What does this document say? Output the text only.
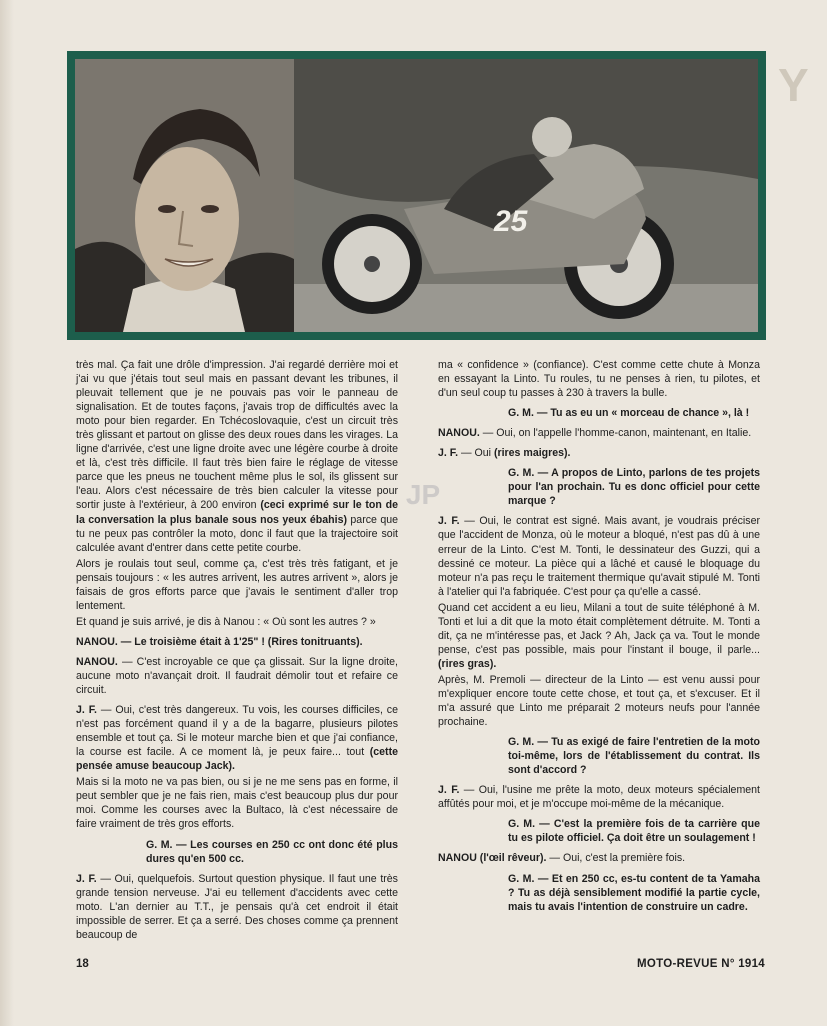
25
Y
JP

très mal. Ça fait une drôle d'impression. J'ai regardé derrière moi et j'ai vu que j'étais tout seul mais en passant devant les tribunes, il pleuvait tellement que je ne pouvais pas voir le panneau de signalisation. Et de toutes façons, j'avais trop de difficultés avec la moto pour bien regarder. En Tchécoslovaquie, c'est un circuit très très glissant et partout on glisse des deux roues dans les virages. La ligne d'arrivée, c'est une ligne droite avec une légère courbe à droite et là, c'est très difficile. Il faut très bien faire le réglage de vitesse parce que les pneus ne touchent même plus le sol, ils glissent sur l'eau. Alors c'est nécessaire de très bien calculer la vitesse pour sortir juste à l'extérieur, à 200 environ (ceci exprimé sur le ton de la conversation la plus banale sous nos yeux ébahis) parce que tu ne peux pas contrôler la moto, donc il faut que la trajectoire soit calculée avant d'entrer dans cette petite courbe.

Alors je roulais tout seul, comme ça, c'est très très fatigant, et je pensais toujours : « les autres arrivent, les autres arrivent », alors je faisais de gros efforts parce que j'avais le sentiment d'aller trop lentement.

Et quand je suis arrivé, je dis à Nanou : « Où sont les autres ? »

NANOU. — Le troisième était à 1'25" ! (Rires tonitruants).

NANOU. — C'est incroyable ce que ça glissait. Sur la ligne droite, aucune moto n'avançait droit. Il faudrait démolir tout et refaire ce circuit.

J. F. — Oui, c'est très dangereux. Tu vois, les courses difficiles, ce n'est pas forcément quand il y a de la bagarre, plusieurs pilotes ensemble et tout ça. Si le moteur marche bien et que j'ai confiance, la course est facile. A ce moment là, je peux faire... tout (cette pensée amuse beaucoup Jack).

Mais si la moto ne va pas bien, ou si je ne me sens pas en forme, il peut sembler que je ne fais rien, mais c'est beaucoup plus dur pour moi. Comme les courses avec la Bultaco, là c'est nécessaire de faire vraiment de très gros efforts.

G. M. — Les courses en 250 cc ont donc été plus dures qu'en 500 cc.

J. F. — Oui, quelquefois. Surtout question physique. Il faut une très grande tension nerveuse. J'ai eu tellement d'accidents avec cette moto. L'an dernier au T.T., je pensais qu'à cet endroit il était impossible de serrer. Et ça a serré. Des choses comme ça prennent beaucoup de

ma « confidence » (confiance). C'est comme cette chute à Monza en essayant la Linto. Tu roules, tu ne penses à rien, tu pilotes, et d'un seul coup tu passes à 230 à travers la bulle.

G. M. — Tu as eu un « morceau de chance », là !

NANOU. — Oui, on l'appelle l'homme-canon, maintenant, en Italie.

J. F. — Oui (rires maigres).

G. M. — A propos de Linto, parlons de tes projets pour l'an prochain. Tu es donc officiel pour cette marque ?

J. F. — Oui, le contrat est signé. Mais avant, je voudrais préciser que l'accident de Monza, où le moteur a bloqué, n'est pas dû à une erreur de la Linto. C'est M. Tonti, le dessinateur des Guzzi, qui a dessiné ce moteur. La pièce qui a lâché et causé le bloquage du moteur n'a pas reçu le traitement thermique qu'avait stipulé M. Tonti à l'atelier qui l'a fabriquée. C'est pour ça qu'elle a cassé.

Quand cet accident a eu lieu, Milani a tout de suite téléphoné à M. Tonti et lui a dit que la moto était complètement détruite. M. Tonti a dit, ça ne m'intéresse pas, et Jack ? Ah, Jack ça va. Tout le monde pense, c'est pas possible, mais pour l'instant il bouge, il parle... (rires gras).

Après, M. Premoli — directeur de la Linto — est venu aussi pour m'expliquer encore toute cette chose, et tout ça, et s'excuser. Et il m'a assuré que Linto me préparait 2 moteurs neufs pour l'année prochaine.

G. M. — Tu as exigé de faire l'entretien de la moto toi-même, lors de l'établissement du contrat. Ils sont d'accord ?

J. F. — Oui, l'usine me prête la moto, deux moteurs spécialement affûtés pour moi, et je m'occupe moi-même de la mécanique.

G. M. — C'est la première fois de ta carrière que tu es pilote officiel. Ça doit être un soulagement !

NANOU (l'œil rêveur). — Oui, c'est la première fois.

G. M. — Et en 250 cc, es-tu content de ta Yamaha ? Tu as déjà sensiblement modifié la partie cycle, mais tu avais l'intention de construire un cadre.

18	MOTO-REVUE N° 1914
